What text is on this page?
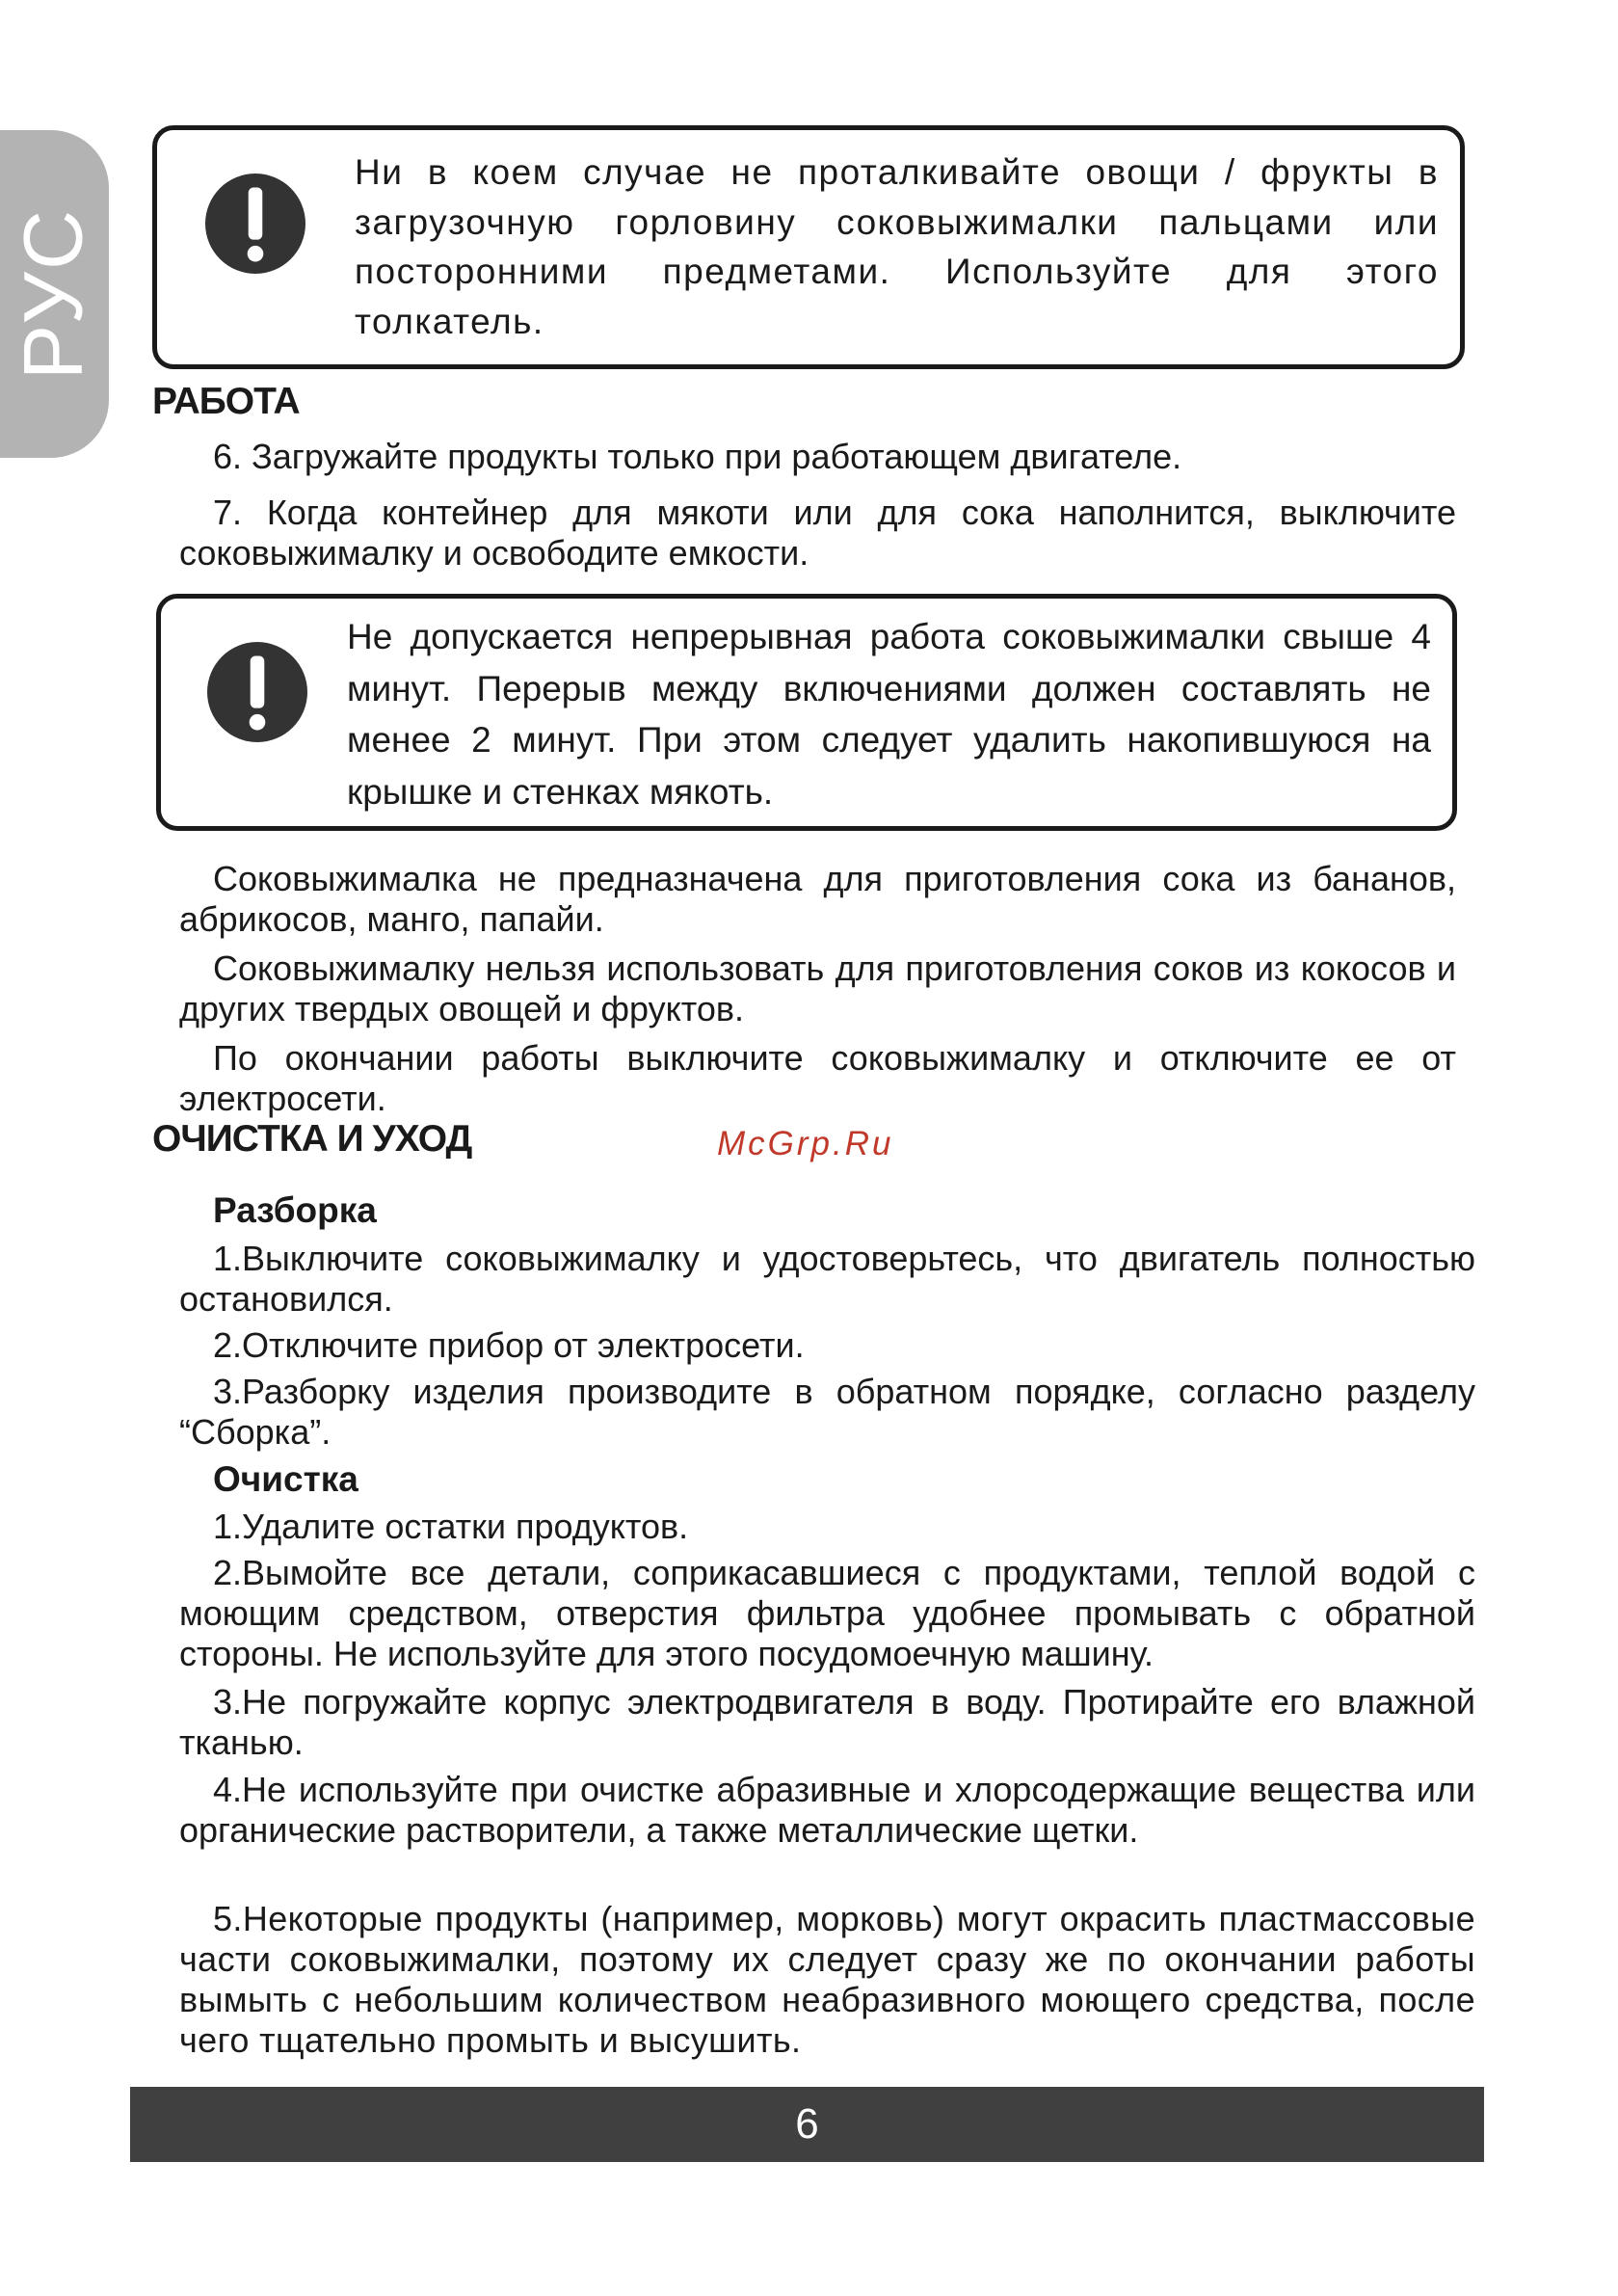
РУС

Ни в коем случае не проталкивайте овощи / фрукты в загрузочную горловину соковыжималки пальцами или посторонними предметами. Используйте для этого толкатель.

РАБОТА

6. Загружайте продукты только при работающем двигателе.

7. Когда контейнер для мякоти или для сока наполнится, выключите соковыжималку и освободите емкости.

Не допускается непрерывная работа соковыжималки свыше 4 минут. Перерыв между включениями должен составлять не менее 2 минут. При этом следует удалить накопившуюся на крышке и стенках мякоть.

Соковыжималка не предназначена для приготовления сока из бананов, абрикосов, манго, папайи.

Соковыжималку нельзя использовать для приготовления соков из кокосов и других твердых овощей и фруктов.

По окончании работы выключите соковыжималку и отключите ее от электросети.

ОЧИСТКА И УХОД	McGrp.Ru

Разборка

1.Выключите соковыжималку и удостоверьтесь, что двигатель полностью остановился.

2.Отключите прибор от электросети.

3.Разборку изделия производите в обратном порядке, согласно разделу “Сборка”.

Очистка

1.Удалите остатки продуктов.

2.Вымойте все детали, соприкасавшиеся с продуктами, теплой водой с моющим средством, отверстия фильтра удобнее промывать с обратной стороны. Не используйте для этого посудомоечную машину.

3.Не погружайте корпус электродвигателя в воду. Протирайте его влажной тканью.

4.Не используйте при очистке абразивные и хлорсодержащие вещества или органические растворители, а также металлические щетки.

5.Некоторые продукты (например, морковь) могут окрасить пластмассовые части соковыжималки, поэтому их следует сразу же по окончании работы вымыть с небольшим количеством неабразивного моющего средства, после чего тщательно промыть и высушить.

6
